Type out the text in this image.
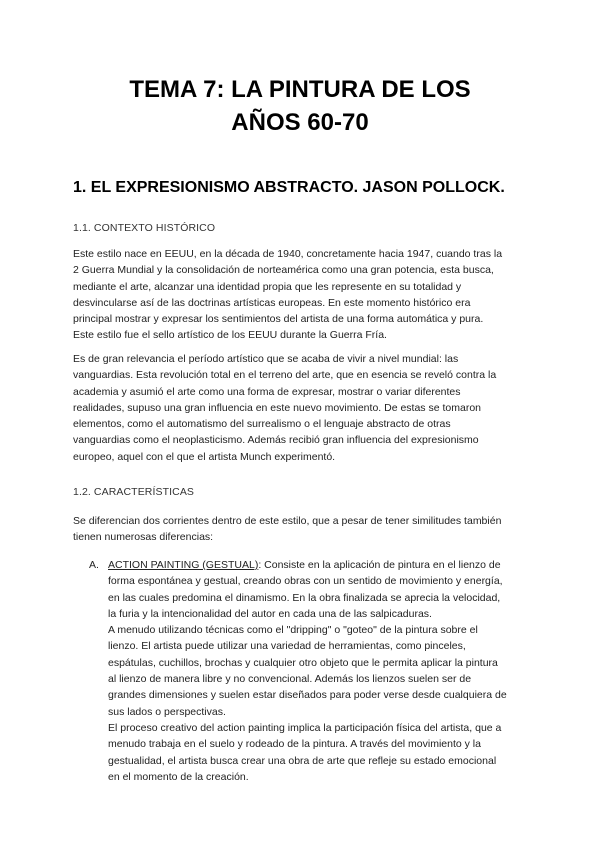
TEMA 7: LA PINTURA DE LOS
AÑOS 60-70
1. EL EXPRESIONISMO ABSTRACTO. JASON POLLOCK.
1.1. CONTEXTO HISTÓRICO

Este estilo nace en EEUU, en la década de 1940, concretamente hacia 1947, cuando tras la
2 Guerra Mundial y la consolidación de norteamérica como una gran potencia, esta busca,
mediante el arte, alcanzar una identidad propia que les represente en su totalidad y
desvincularse así de las doctrinas artísticas europeas. En este momento histórico era
principal mostrar y expresar los sentimientos del artista de una forma automática y pura.
Este estilo fue el sello artístico de los EEUU durante la Guerra Fría.

Es de gran relevancia el período artístico que se acaba de vivir a nivel mundial: las
vanguardias. Esta revolución total en el terreno del arte, que en esencia se reveló contra la
academia y asumió el arte como una forma de expresar, mostrar o variar diferentes
realidades, supuso una gran influencia en este nuevo movimiento. De estas se tomaron
elementos, como el automatismo del surrealismo o el lenguaje abstracto de otras
vanguardias como el neoplasticismo. Además recibió gran influencia del expresionismo
europeo, aquel con el que el artista Munch experimentó.

1.2. CARACTERÍSTICAS

Se diferencian dos corrientes dentro de este estilo, que a pesar de tener similitudes también
tienen numerosas diferencias:

A. ACTION PAINTING (GESTUAL): Consiste en la aplicación de pintura en el lienzo de
forma espontánea y gestual, creando obras con un sentido de movimiento y energía,
en las cuales predomina el dinamismo. En la obra finalizada se aprecia la velocidad,
la furia y la intencionalidad del autor en cada una de las salpicaduras.
A menudo utilizando técnicas como el "dripping" o "goteo" de la pintura sobre el
lienzo. El artista puede utilizar una variedad de herramientas, como pinceles,
espátulas, cuchillos, brochas y cualquier otro objeto que le permita aplicar la pintura
al lienzo de manera libre y no convencional. Además los lienzos suelen ser de
grandes dimensiones y suelen estar diseñados para poder verse desde cualquiera de
sus lados o perspectivas.
El proceso creativo del action painting implica la participación física del artista, que a
menudo trabaja en el suelo y rodeado de la pintura. A través del movimiento y la
gestualidad, el artista busca crear una obra de arte que refleje su estado emocional
en el momento de la creación.
